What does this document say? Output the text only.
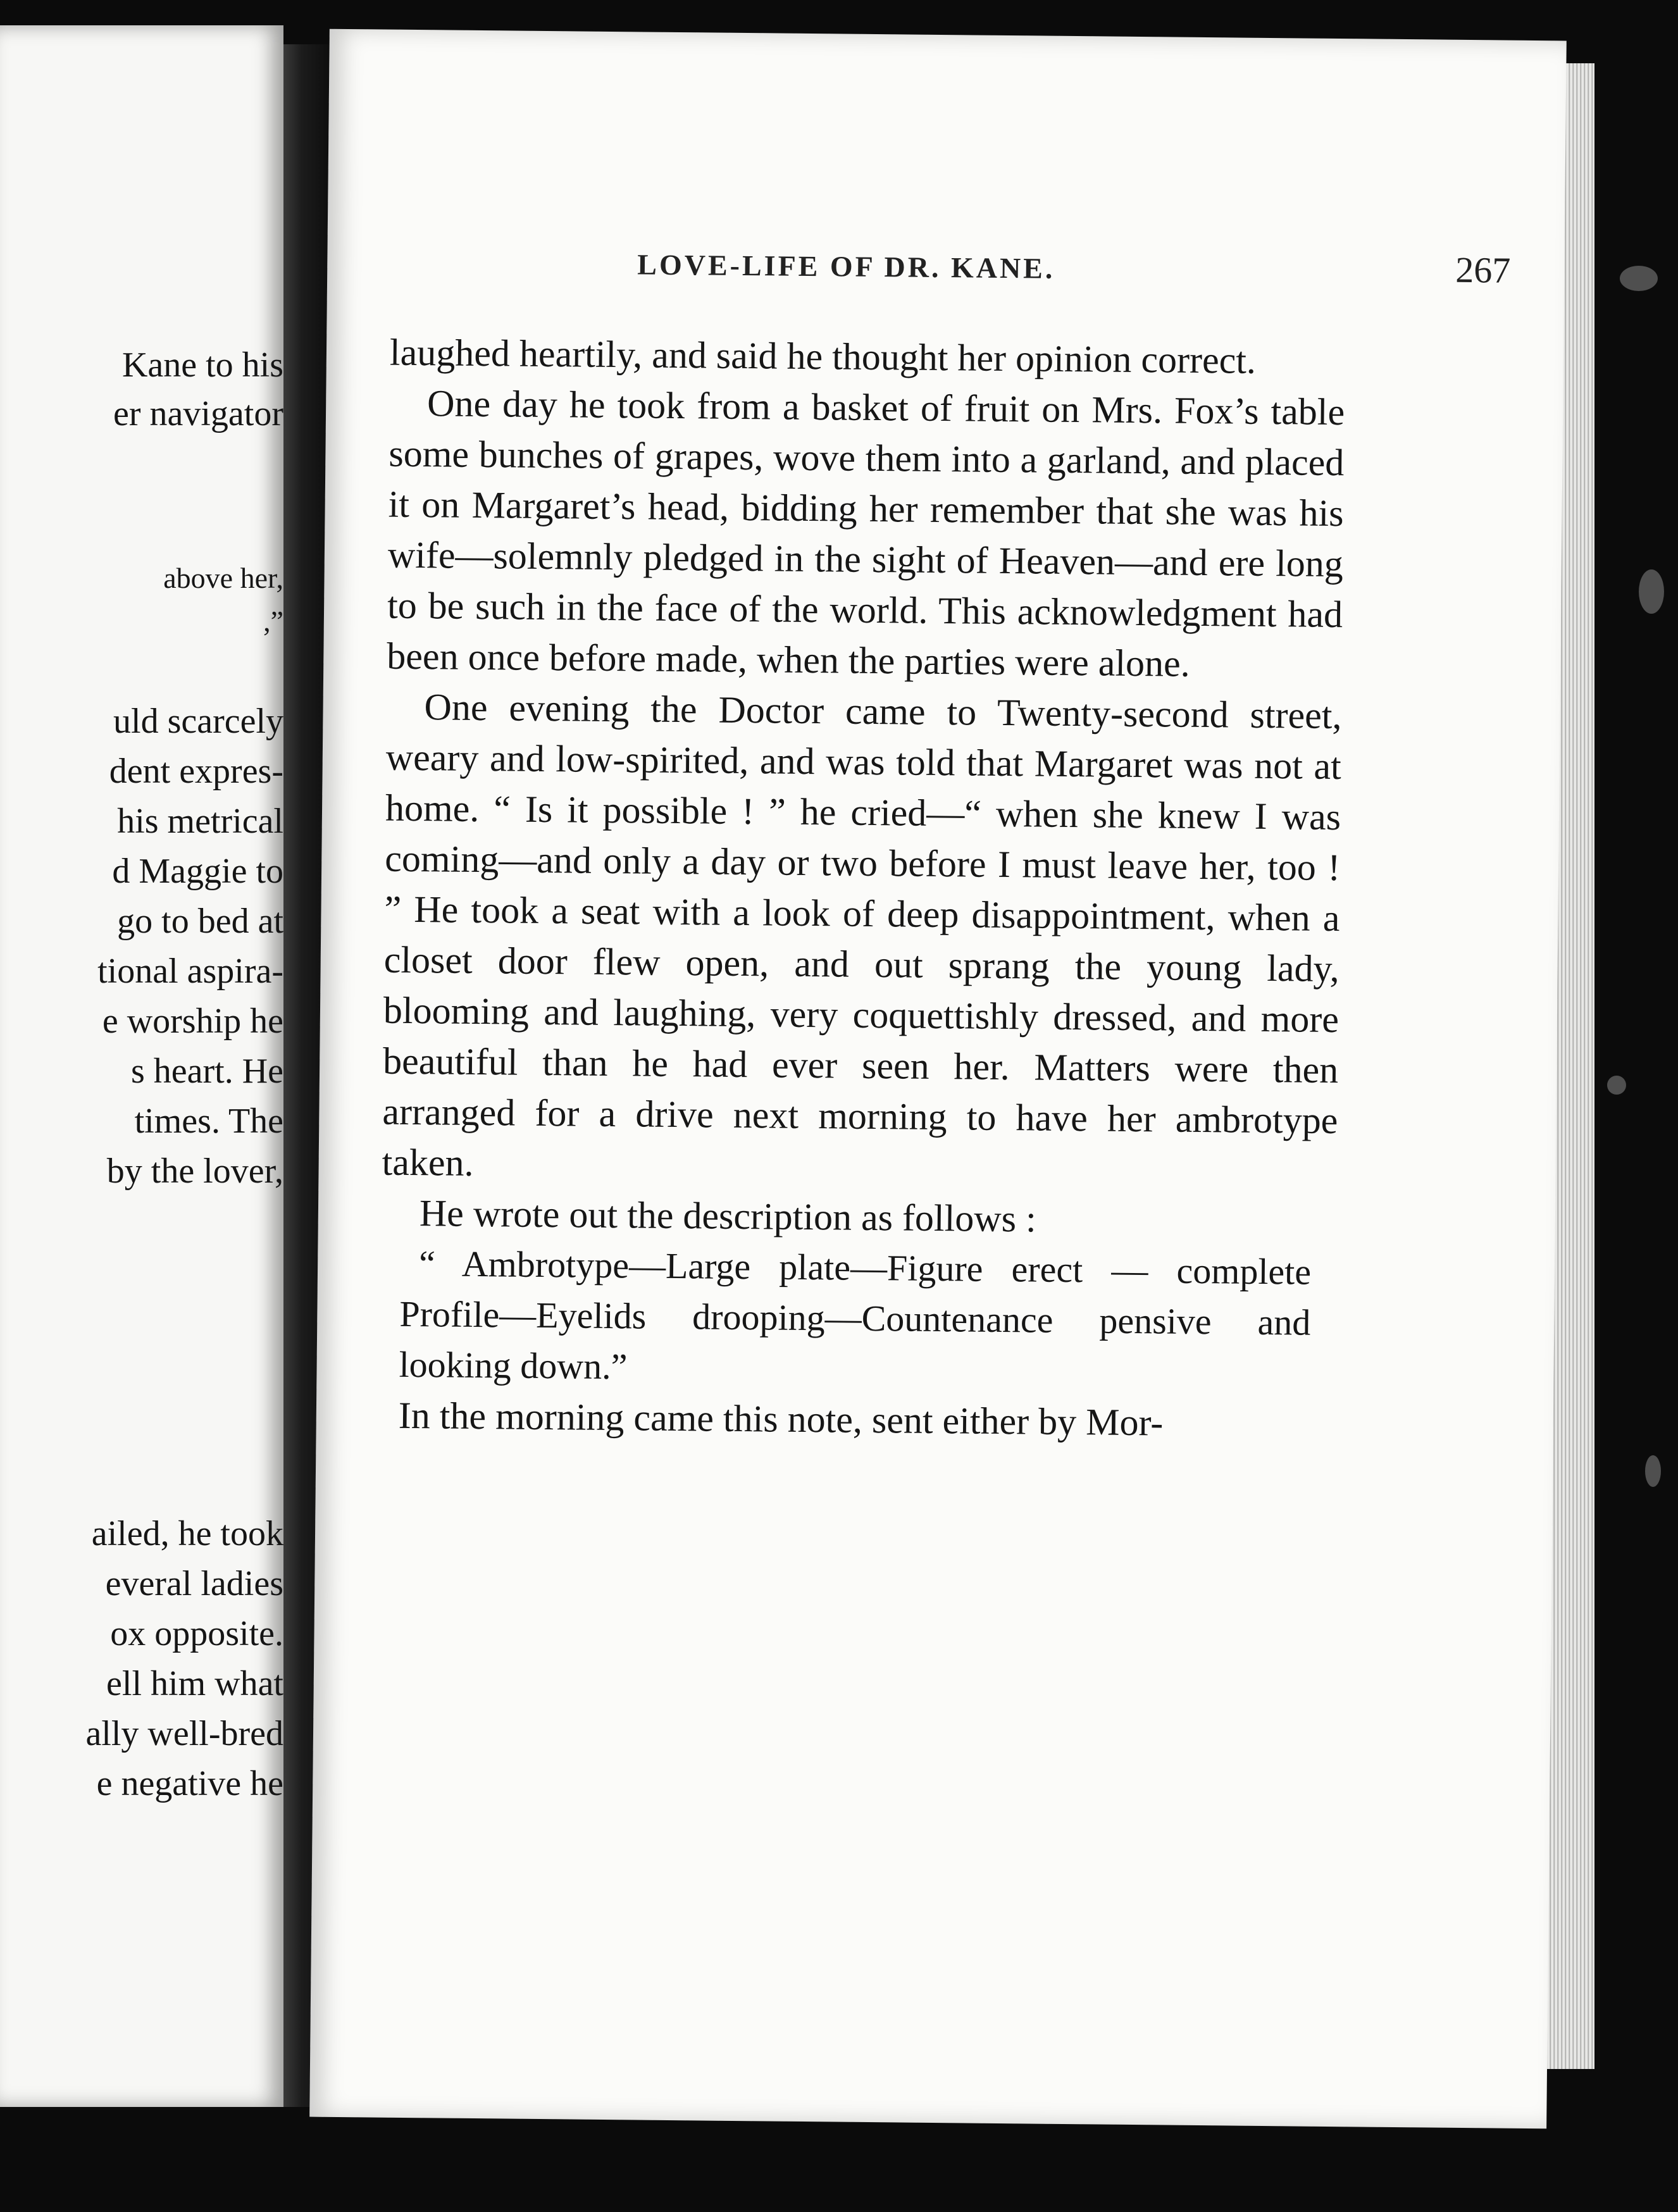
Kane to his
er navigator
above her,
,”
uld scarcely
dent expres-
his metrical
d Maggie to
go to bed at
tional aspira-
e worship he
s heart. He
times. The
by the lover,
ailed, he took
everal ladies
ox opposite.
ell him what
ally well-bred
e negative he
LOVE-LIFE OF DR. KANE.	267

laughed heartily, and said he thought her opinion correct.

One day he took from a basket of fruit on Mrs. Fox’s table some bunches of grapes, wove them into a garland, and placed it on Margaret’s head, bidding her remember that she was his wife—solemnly pledged in the sight of Heaven—and ere long to be such in the face of the world. This acknowledgment had been once before made, when the parties were alone.

One evening the Doctor came to Twenty-second street, weary and low-spirited, and was told that Margaret was not at home. “ Is it possible ! ” he cried—“ when she knew I was coming—and only a day or two before I must leave her, too ! ” He took a seat with a look of deep disappointment, when a closet door flew open, and out sprang the young lady, blooming and laughing, very coquettishly dressed, and more beautiful than he had ever seen her. Matters were then arranged for a drive next morning to have her ambrotype taken.

He wrote out the description as follows :

“ Ambrotype—Large plate—Figure erect — complete Profile—Eyelids drooping—Countenance pensive and looking down.”

In the morning came this note, sent either by Mor-
